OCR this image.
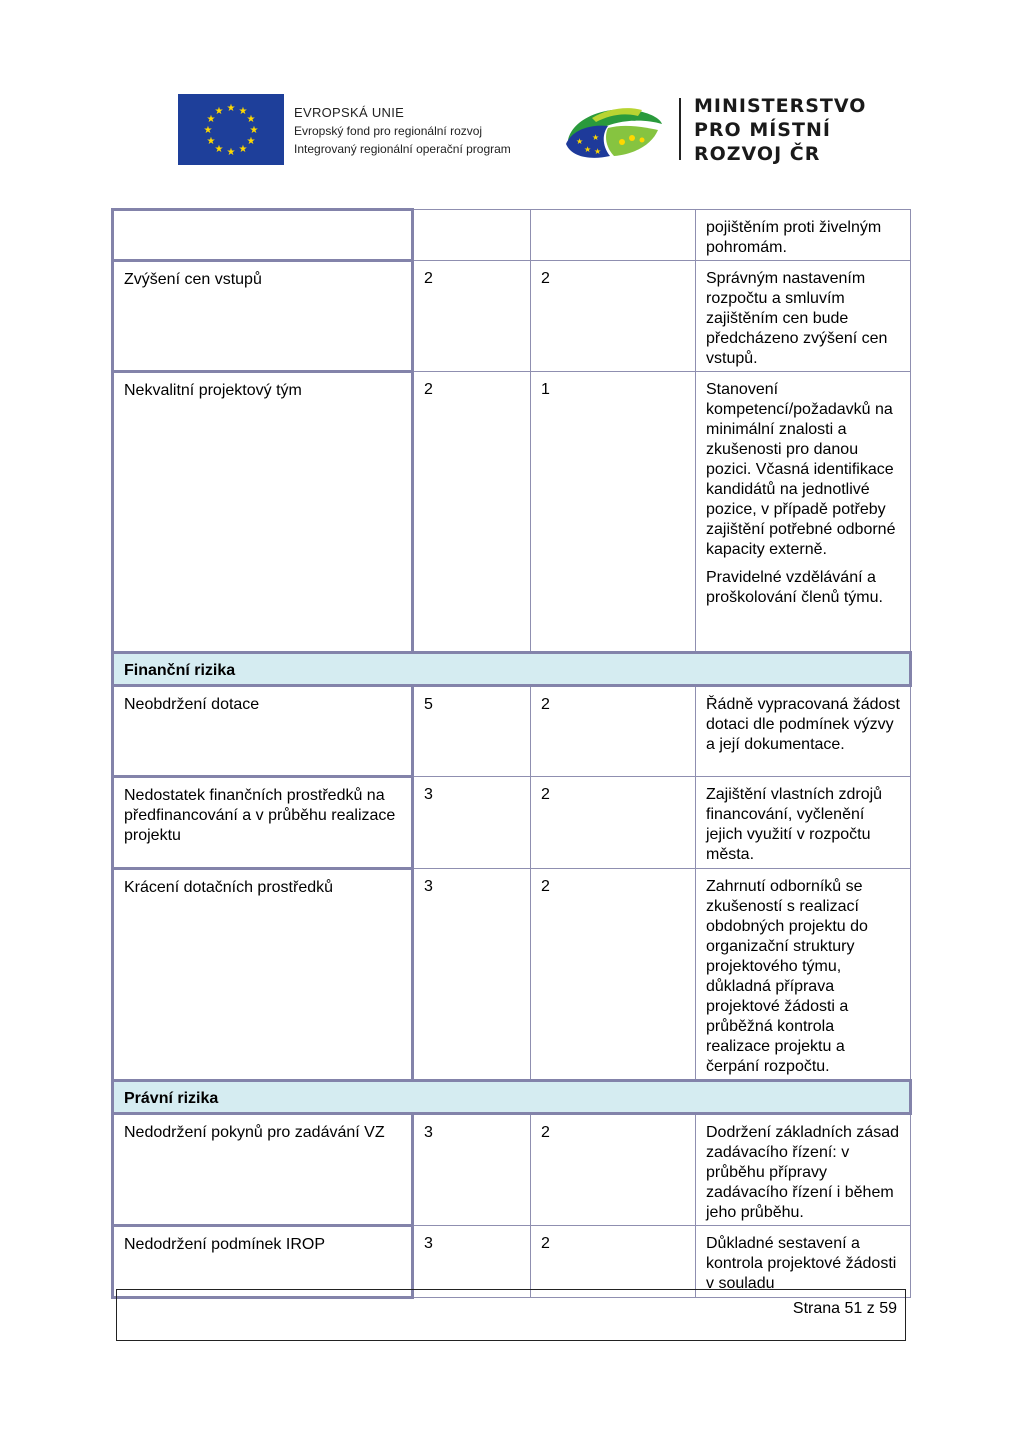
★ ★
★
★
★
★
★
★
★
★
★
★	EVROPSKÁ UNIE
Evropský fond pro regionální rozvoj
Integrovaný regionální operační program
★
★
★
★
MINISTERSTVO
PRO MÍSTNÍ
ROZVOJ ČR

			pojištěním proti živelným pohromám.

Zvýšení cen vstupů	2	2	Správným nastavením rozpočtu a smluvím zajištěním cen bude předcházeno zvýšení cen vstupů.

Nekvalitní projektový tým	2	1	Stanovení kompetencí/požadavků na minimální znalosti a zkušenosti pro danou pozici. Včasná identifikace kandidátů na jednotlivé pozice, v případě potřeby zajištění potřebné odborné kapacity externě.

Pravidelné vzdělávání a proškolování členů týmu.

Finanční rizika			
Neobdržení dotace	5	2	Řádně vypracovaná žádost dotaci dle podmínek výzvy a její dokumentace.

Nedostatek finančních prostředků na předfinancování a v průběhu realizace projektu	3	2	Zajištění vlastních zdrojů financování, vyčlenění jejich využití v rozpočtu města.

Krácení dotačních prostředků	3	2	Zahrnutí odborníků se zkušeností s realizací obdobných projektu do organizační struktury projektového týmu, důkladná příprava projektové žádosti a průběžná kontrola realizace projektu a čerpání rozpočtu.

Právní rizika			
Nedodržení pokynů pro zadávání VZ	3	2	Dodržení základních zásad zadávacího řízení: v průběhu přípravy zadávacího řízení i během jeho průběhu.

Nedodržení podmínek IROP	3	2	Důkladné sestavení a kontrola projektové žádosti v souladu

Strana 51 z 59
